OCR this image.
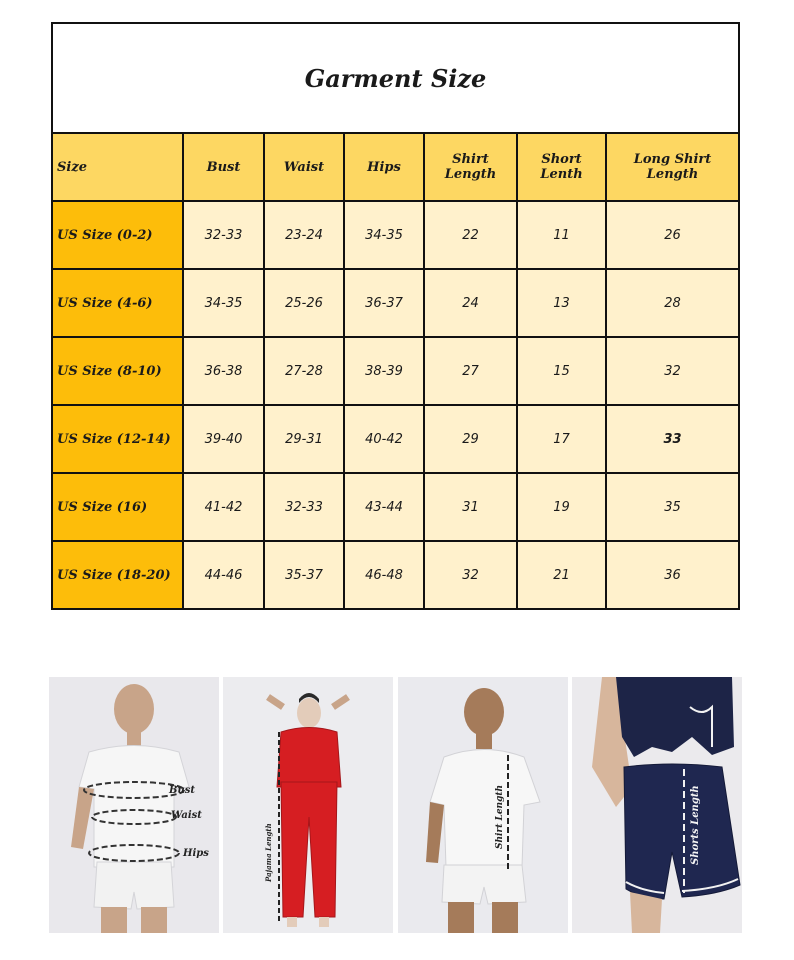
Garment Size						
Size	Bust	Waist	Hips	Shirt Length	Short Lenth	Long Shirt Length
US Size (0-2)	32-33	23-24	34-35	22	11	26
US Size (4-6)	34-35	25-26	36-37	24	13	28
US Size (8-10)	36-38	27-28	38-39	27	15	32
US Size (12-14)	39-40	29-31	40-42	29	17	33
US Size (16)	41-42	32-33	43-44	31	19	35
US Size (18-20)	44-46	35-37	46-48	32	21	36
Bust
Waist
Hips	Pajama Length
Shirt Length	Shorts Length
